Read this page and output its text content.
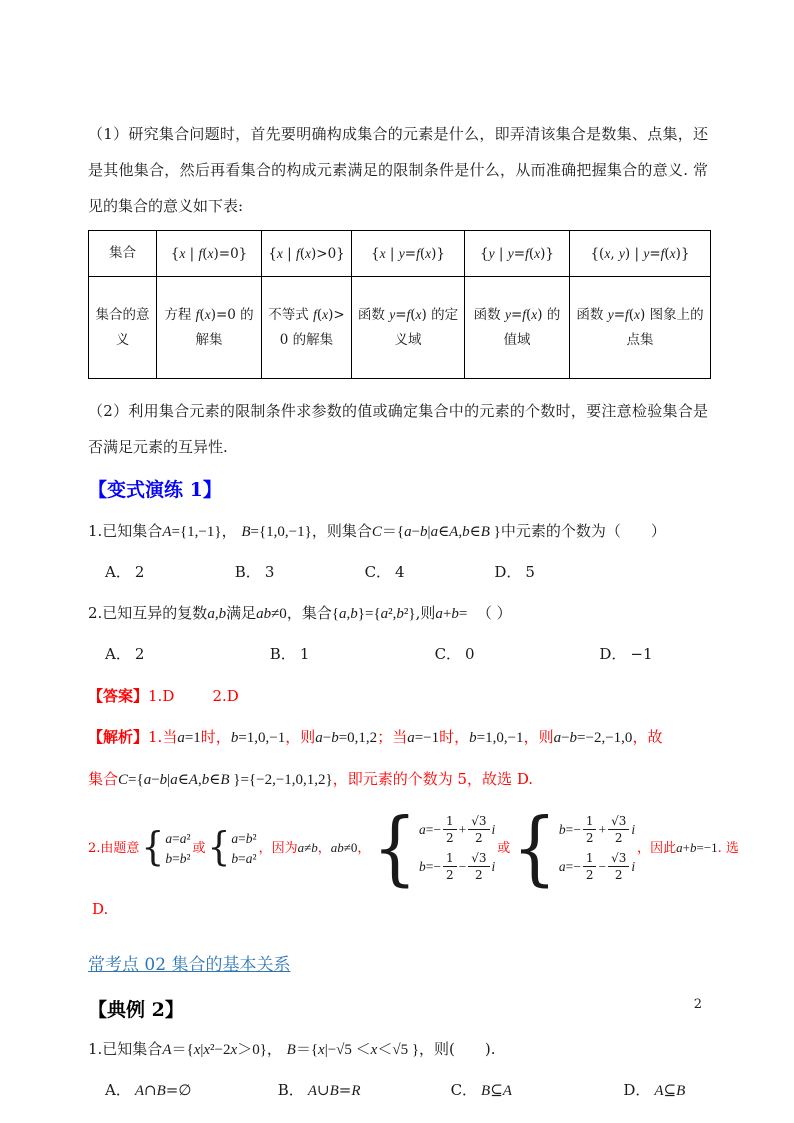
（1）研究集合问题时，首先要明确构成集合的元素是什么，即弄清该集合是数集、点集，还是其他集合，然后再看集合的构成元素满足的限制条件是什么，从而准确把握集合的意义. 常见的集合的意义如下表:

集合	{x | f(x)=0}	{x | f(x)>0}	{x | y=f(x)}	{y | y=f(x)}	{(x, y) | y=f(x)}
集合的意义	方程 f(x)=0 的解集	不等式 f(x)>0 的解集	函数 y=f(x) 的定义域	函数 y=f(x) 的值域	函数 y=f(x) 图象上的点集

（2）利用集合元素的限制条件求参数的值或确定集合中的元素的个数时，要注意检验集合是否满足元素的互异性.

【变式演练 1】

1.已知集合A={1,−1}， B={1,0,−1}，则集合C＝{a−b|a∈A,b∈B }中元素的个数为（　　）

A． 2	B． 3	C． 4	D． 5

2.已知互异的复数a,b满足ab≠0，集合{a,b}={a²,b²},则a+b=  （ ）

A． 2	B． 1	C． 0	D． −1

【答案】1.D        2.D

【解析】1.当a=1时，b=1,0,−1，则a−b=0,1,2；当a=−1时，b=1,0,−1，则a−b=−2,−1,0，故

集合C={a−b|a∈A,b∈B }={−2,−1,0,1,2}，即元素的个数为 5，故选 D.

2.由题意 { a=a²
b=b²
或 { a=b²
b=a²
，因为a≠b，ab≠0， { $a=- \frac{1}{2} + \frac{√3}{2}$ i
$b=- \frac{1}{2} - \frac{√3}{2}$ i
或 { $b=- \frac{1}{2} + \frac{√3}{2}$ i
$a=- \frac{1}{2} - \frac{√3}{2}$ i
，因此a+b=−1. 选

D.

常考点 02 集合的基本关系
【典例 2】

1.已知集合A＝{x|x²−2x＞0}， B＝{x|−√5 ＜x＜√5 }，则(　　).

A． A∩B=∅	B． A∪B=R	C． B⊆A	D． A⊆B
2
